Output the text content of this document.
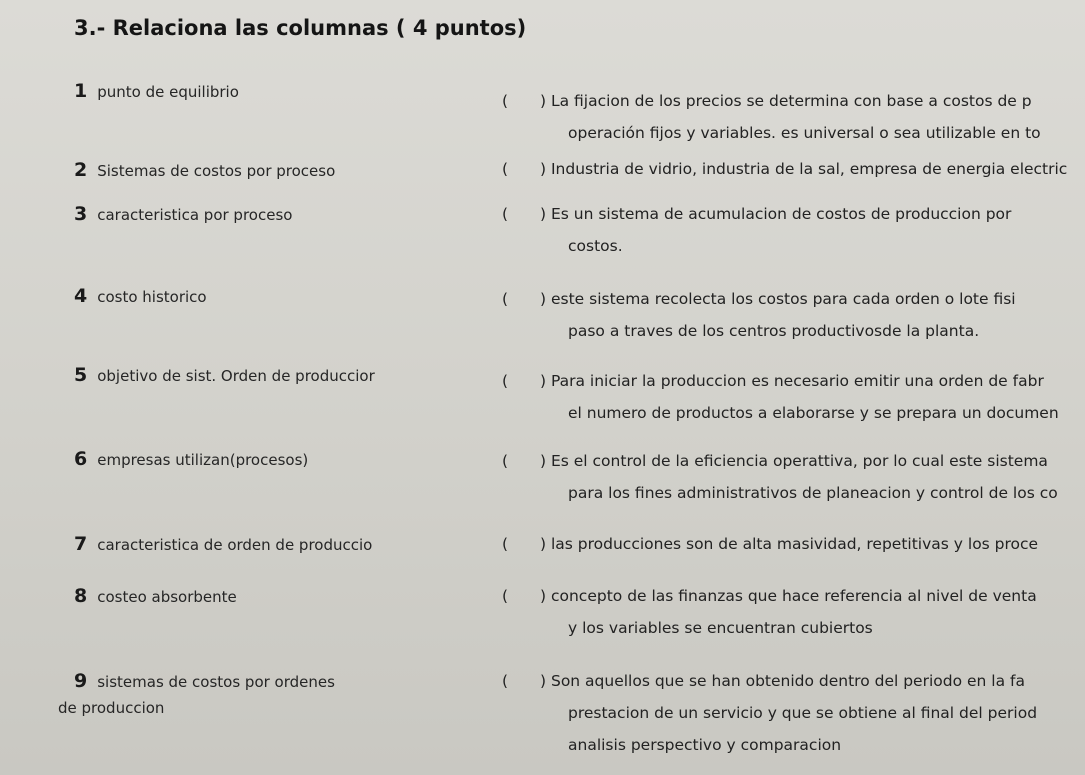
3.- Relaciona las columnas ( 4 puntos)
1 punto de equilibrio
2 Sistemas de costos por proceso
3 caracteristica por proceso
4 costo historico
5 objetivo de sist. Orden de produccior
6 empresas utilizan(procesos)
7 caracteristica de orden de produccio
8 costeo absorbente
9 sistemas de costos por ordenes
de produccion
( ) La fijacion de los precios se determina con base a costos de p
operación fijos y variables. es universal o sea utilizable en to
( ) Industria de vidrio, industria de la sal, empresa de energia electric
( ) Es un sistema de acumulacion de costos de produccion por
costos.
( ) este sistema recolecta los costos para cada orden o lote fisi
paso a traves de los centros productivosde la planta.
( ) Para iniciar la produccion es necesario emitir una orden de fabr
el numero de productos a elaborarse y se prepara un documen
( ) Es el control de la eficiencia operattiva, por lo cual este sistema
para los fines administrativos de planeacion y control de los co
( ) las producciones son de alta masividad, repetitivas y los proce
( ) concepto de las finanzas que hace referencia al nivel de venta
y los variables se encuentran cubiertos
( ) Son aquellos que se han obtenido dentro del periodo en la fa
prestacion de un servicio y que se obtiene al final del period
analisis perspectivo y comparacion
